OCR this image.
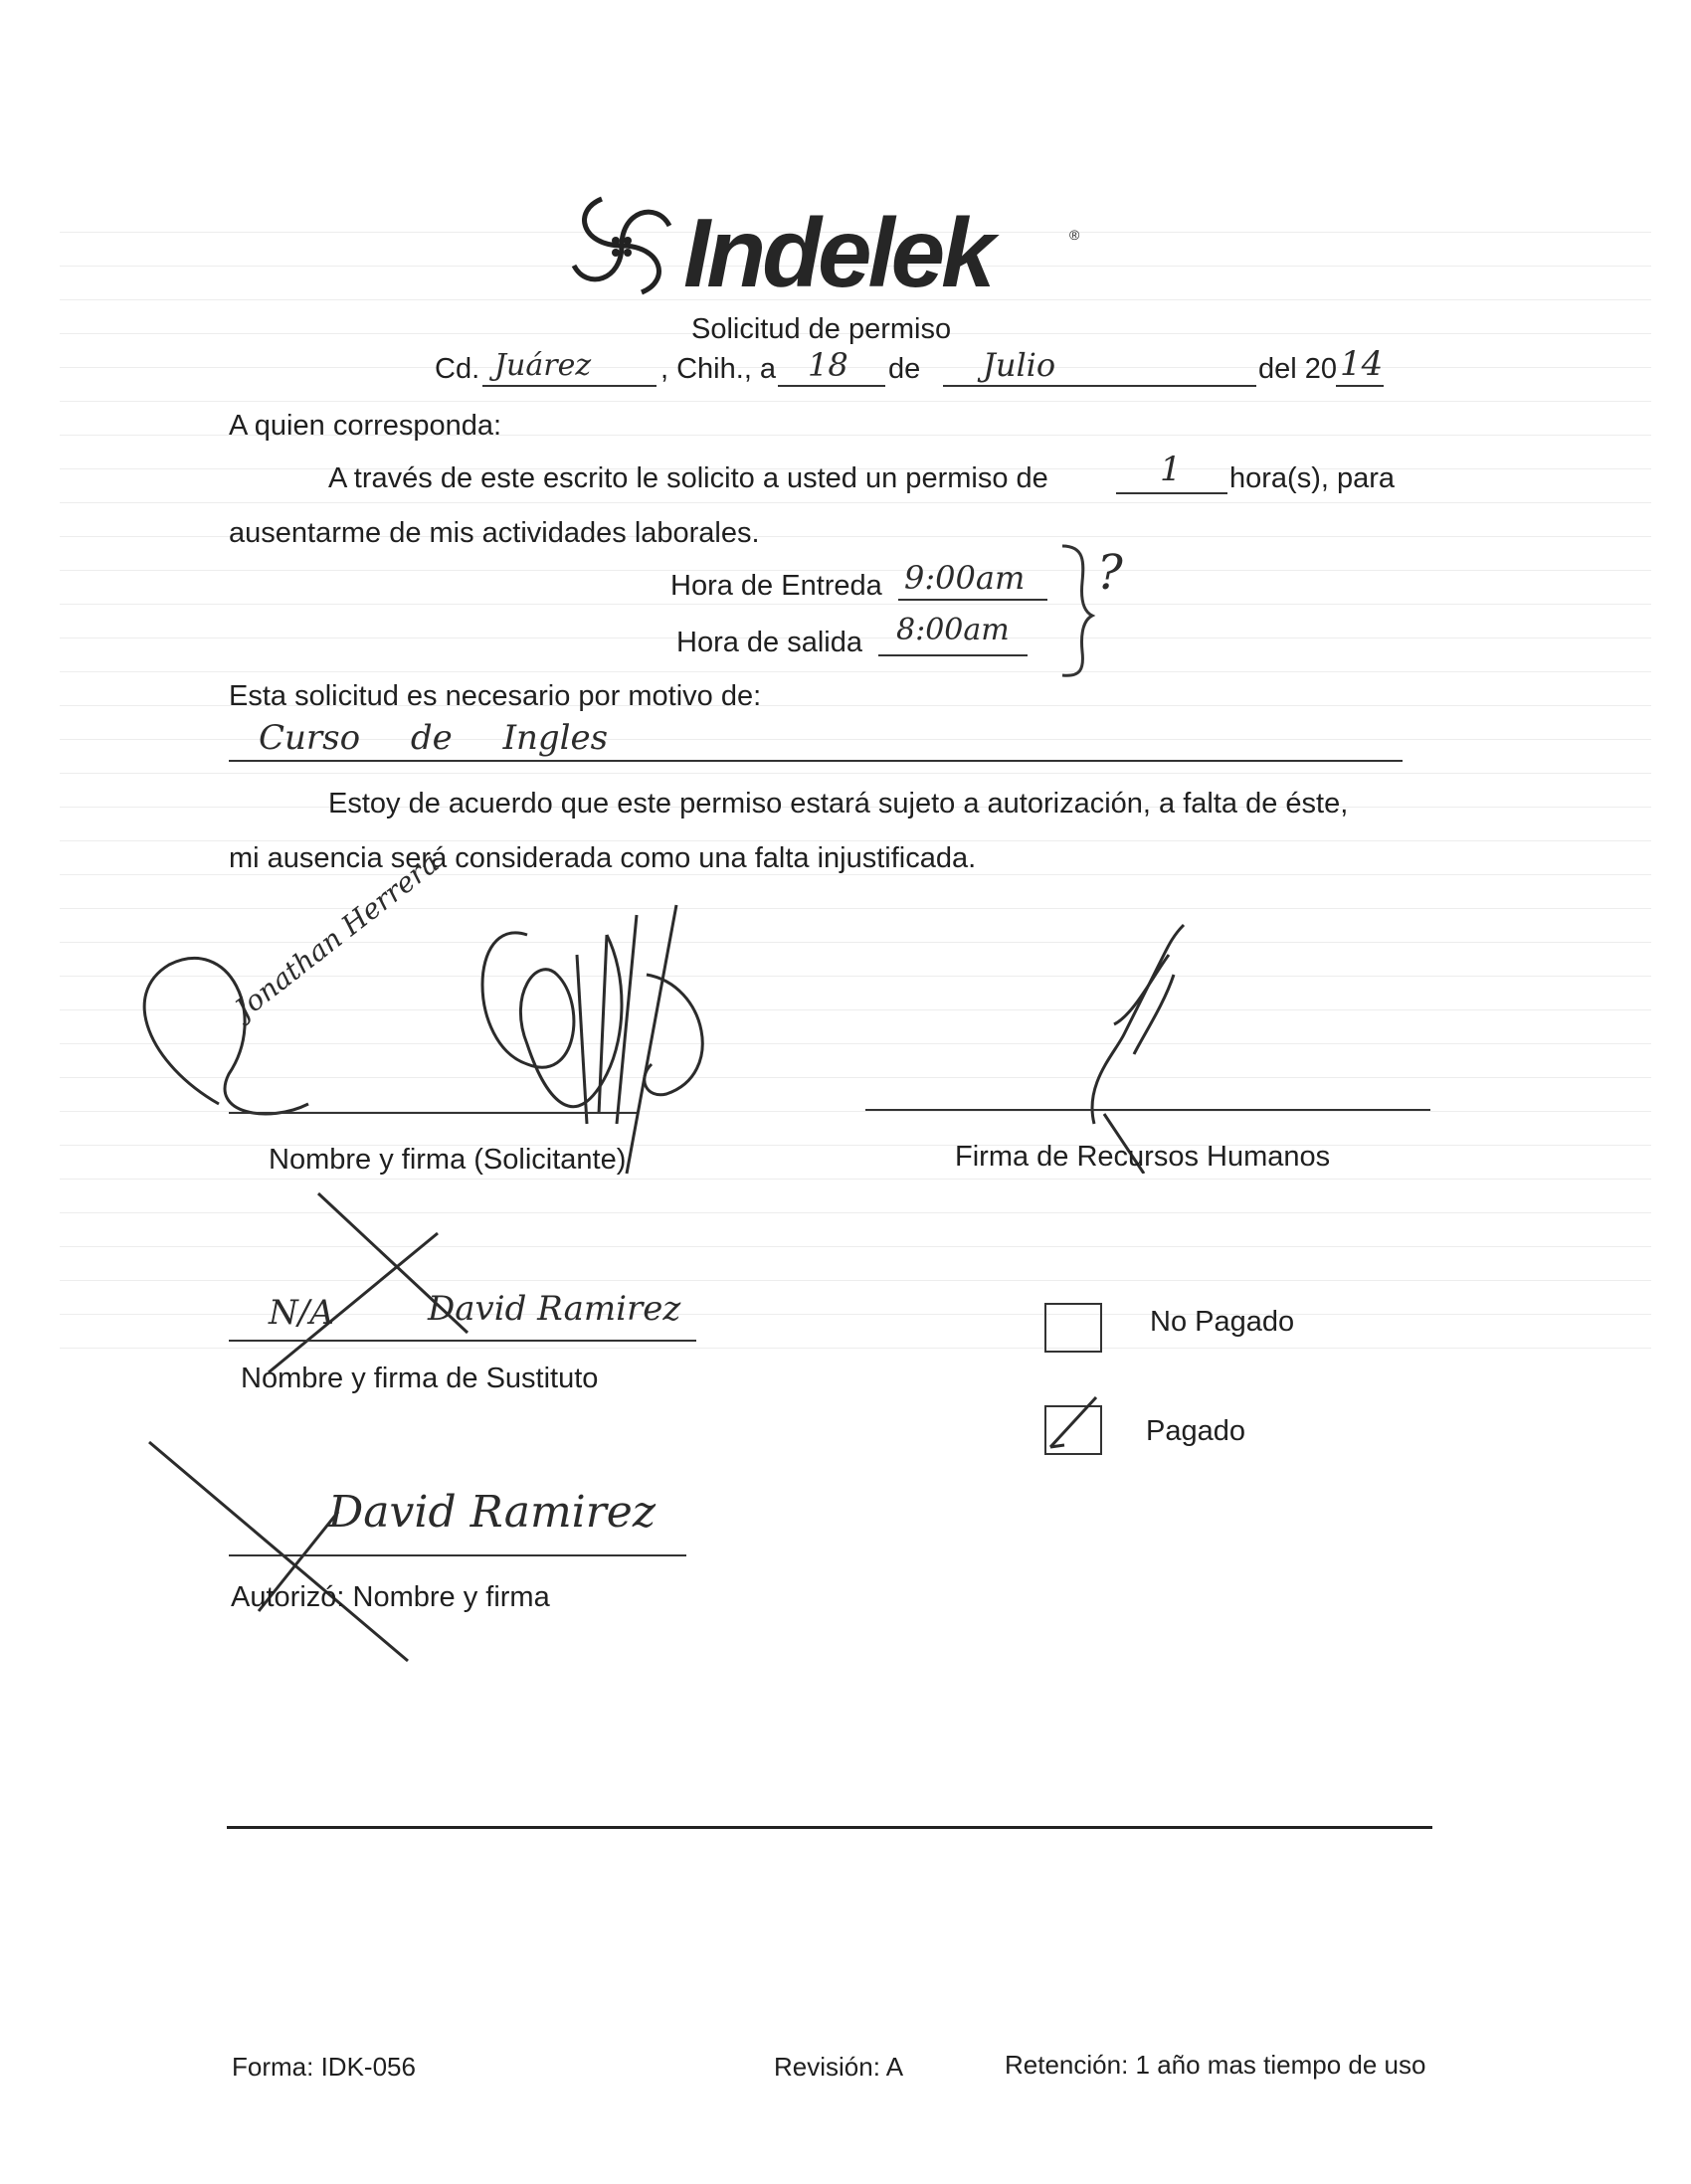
Indelek	®
Solicitud de permiso
Cd. Juárez , Chih., a 18 de Julio	del 20 14
A quien corresponda:
A través de este escrito le solicito a usted un permiso de	1 hora(s), para
ausentarme de mis actividades laborales.
Hora de Entreda 9:00am
Hora de salida 8:00am
?
Esta solicitud es necesario por motivo de:
Curso de Ingles
Estoy de acuerdo que este permiso estará sujeto a autorización, a falta de éste,
mi ausencia será considerada como una falta injustificada.
Jonathan Herrera
Nombre y firma (Solicitante)	Firma de Recursos Humanos
N/A	David Ramirez
Nombre y firma de Sustituto
No Pagado
Pagado
David Ramirez
Autorizó: Nombre y firma
Forma: IDK-056	Revisión: A	Retención: 1 año mas tiempo de uso
